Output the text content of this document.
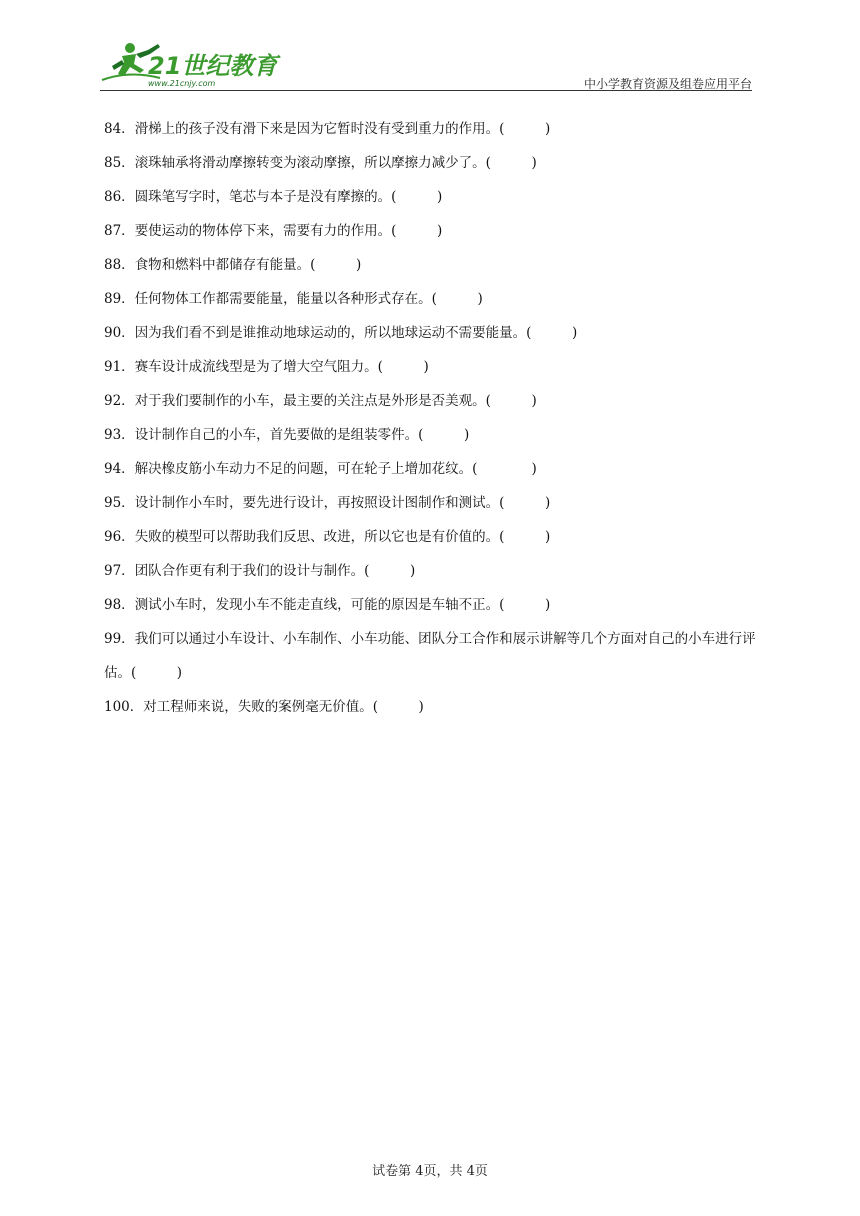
21世纪教育
www.21cnjy.com	中小学教育资源及组卷应用平台
84．滑梯上的孩子没有滑下来是因为它暂时没有受到重力的作用。(　　　)
85．滚珠轴承将滑动摩擦转变为滚动摩擦，所以摩擦力减少了。(　　　)
86．圆珠笔写字时，笔芯与本子是没有摩擦的。(　　　)
87．要使运动的物体停下来，需要有力的作用。(　　　)
88．食物和燃料中都储存有能量。(　　　)
89．任何物体工作都需要能量，能量以各种形式存在。(　　　)
90．因为我们看不到是谁推动地球运动的，所以地球运动不需要能量。(　　　)
91．赛车设计成流线型是为了增大空气阻力。(　　　)
92．对于我们要制作的小车，最主要的关注点是外形是否美观。(　　　)
93．设计制作自己的小车，首先要做的是组装零件。(　　　)
94．解决橡皮筋小车动力不足的问题，可在轮子上增加花纹。(　　　　)
95．设计制作小车时，要先进行设计，再按照设计图制作和测试。(　　　)
96．失败的模型可以帮助我们反思、改进，所以它也是有价值的。(　　　)
97．团队合作更有利于我们的设计与制作。(　　　)
98．测试小车时，发现小车不能走直线，可能的原因是车轴不正。(　　　)
99．我们可以通过小车设计、小车制作、小车功能、团队分工合作和展示讲解等几个方面对自己的小车进行评估。(　　　)
100．对工程师来说，失败的案例毫无价值。(　　　)
试卷第 4页，共 4页
